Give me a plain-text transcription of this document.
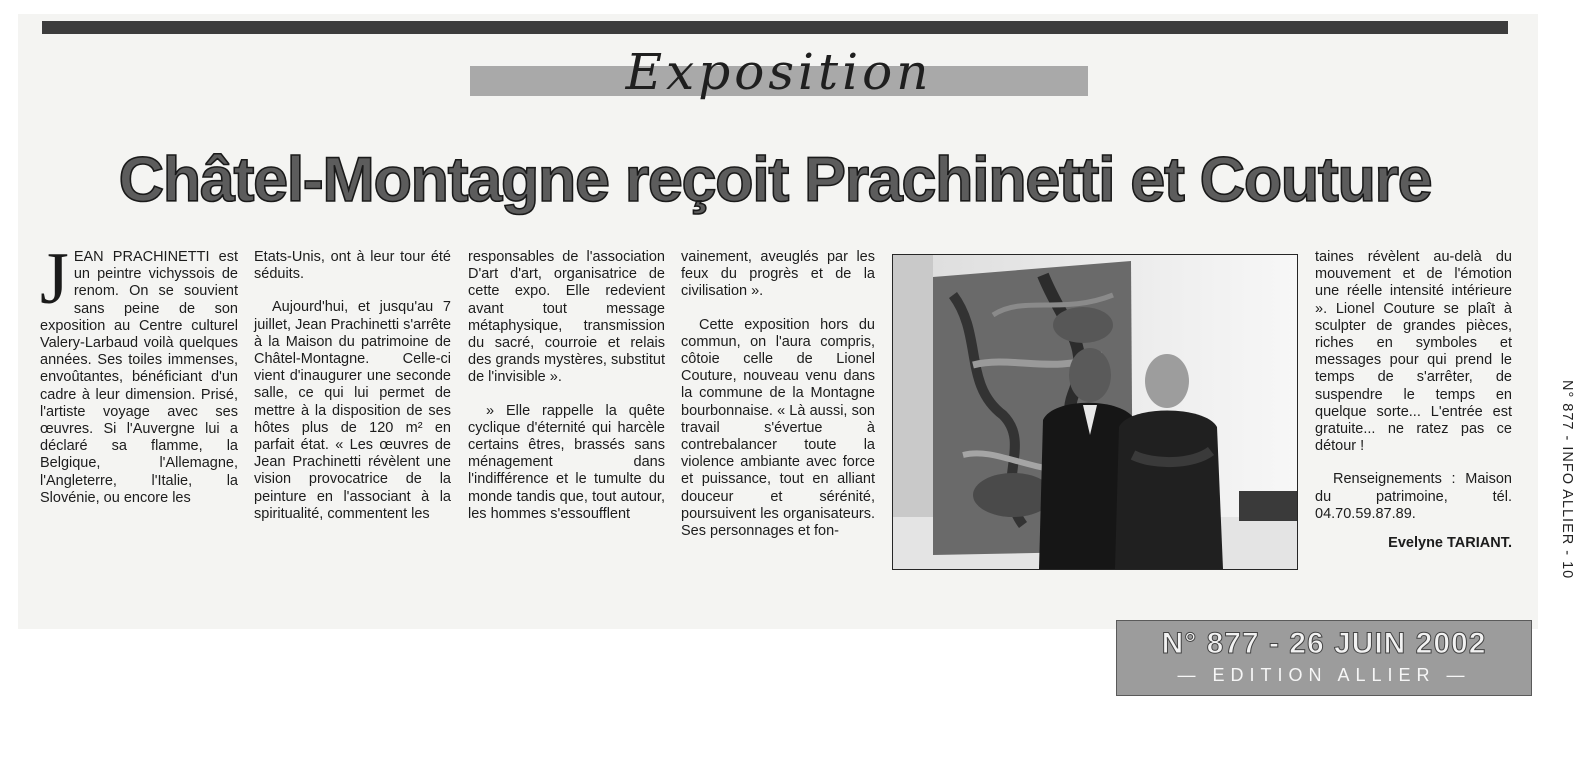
Exposition
Châtel-Montagne reçoit Prachinetti et Couture

JEAN PRACHINETTI est un peintre vichyssois de renom. On se souvient sans peine de son exposition au Centre culturel Valery-Larbaud voilà quelques années. Ses toiles immenses, envoûtantes, bénéficiant d'un cadre à leur dimension. Prisé, l'artiste voyage avec ses œuvres. Si l'Auvergne lui a déclaré sa flamme, la Belgique, l'Allemagne, l'Angleterre, l'Italie, la Slovénie, ou encore les

Etats-Unis, ont à leur tour été séduits.

Aujourd'hui, et jusqu'au 7 juillet, Jean Prachinetti s'arrête à la Maison du patrimoine de Châtel-Montagne. Celle-ci vient d'inaugurer une seconde salle, ce qui lui permet de mettre à la disposition de ses hôtes plus de 120 m² en parfait état. « Les œuvres de Jean Prachinetti révèlent une vision provocatrice de la peinture en l'associant à la spiritualité, commentent les

responsables de l'association D'art d'art, organisatrice de cette expo. Elle redevient avant tout message métaphysique, transmission du sacré, courroie et relais des grands mystères, substitut de l'invisible ».

» Elle rappelle la quête cyclique d'éternité qui harcèle certains êtres, brassés sans ménagement dans l'indifférence et le tumulte du monde tandis que, tout autour, les hommes s'essoufflent

vainement, aveuglés par les feux du progrès et de la civilisation ».

Cette exposition hors du commun, on l'aura compris, côtoie celle de Lionel Couture, nouveau venu dans la commune de la Montagne bourbonnaise. « Là aussi, son travail s'évertue à contrebalancer toute la violence ambiante avec force et puissance, tout en alliant douceur et sérénité, poursuivent les organisateurs. Ses personnages et fon-

taines révèlent au-delà du mouvement et de l'émotion une réelle intensité intérieure ». Lionel Couture se plaît à sculpter de grandes pièces, riches en symboles et messages pour qui prend le temps de s'arrêter, de suspendre le temps en quelque sorte... L'entrée est gratuite... ne ratez pas ce détour !

Renseignements : Maison du patrimoine, tél. 04.70.59.87.89.

Evelyne TARIANT.	N° 877 - INFO ALLIER - 10
N° 877 - 26 JUIN 2002
— EDITION ALLIER —
